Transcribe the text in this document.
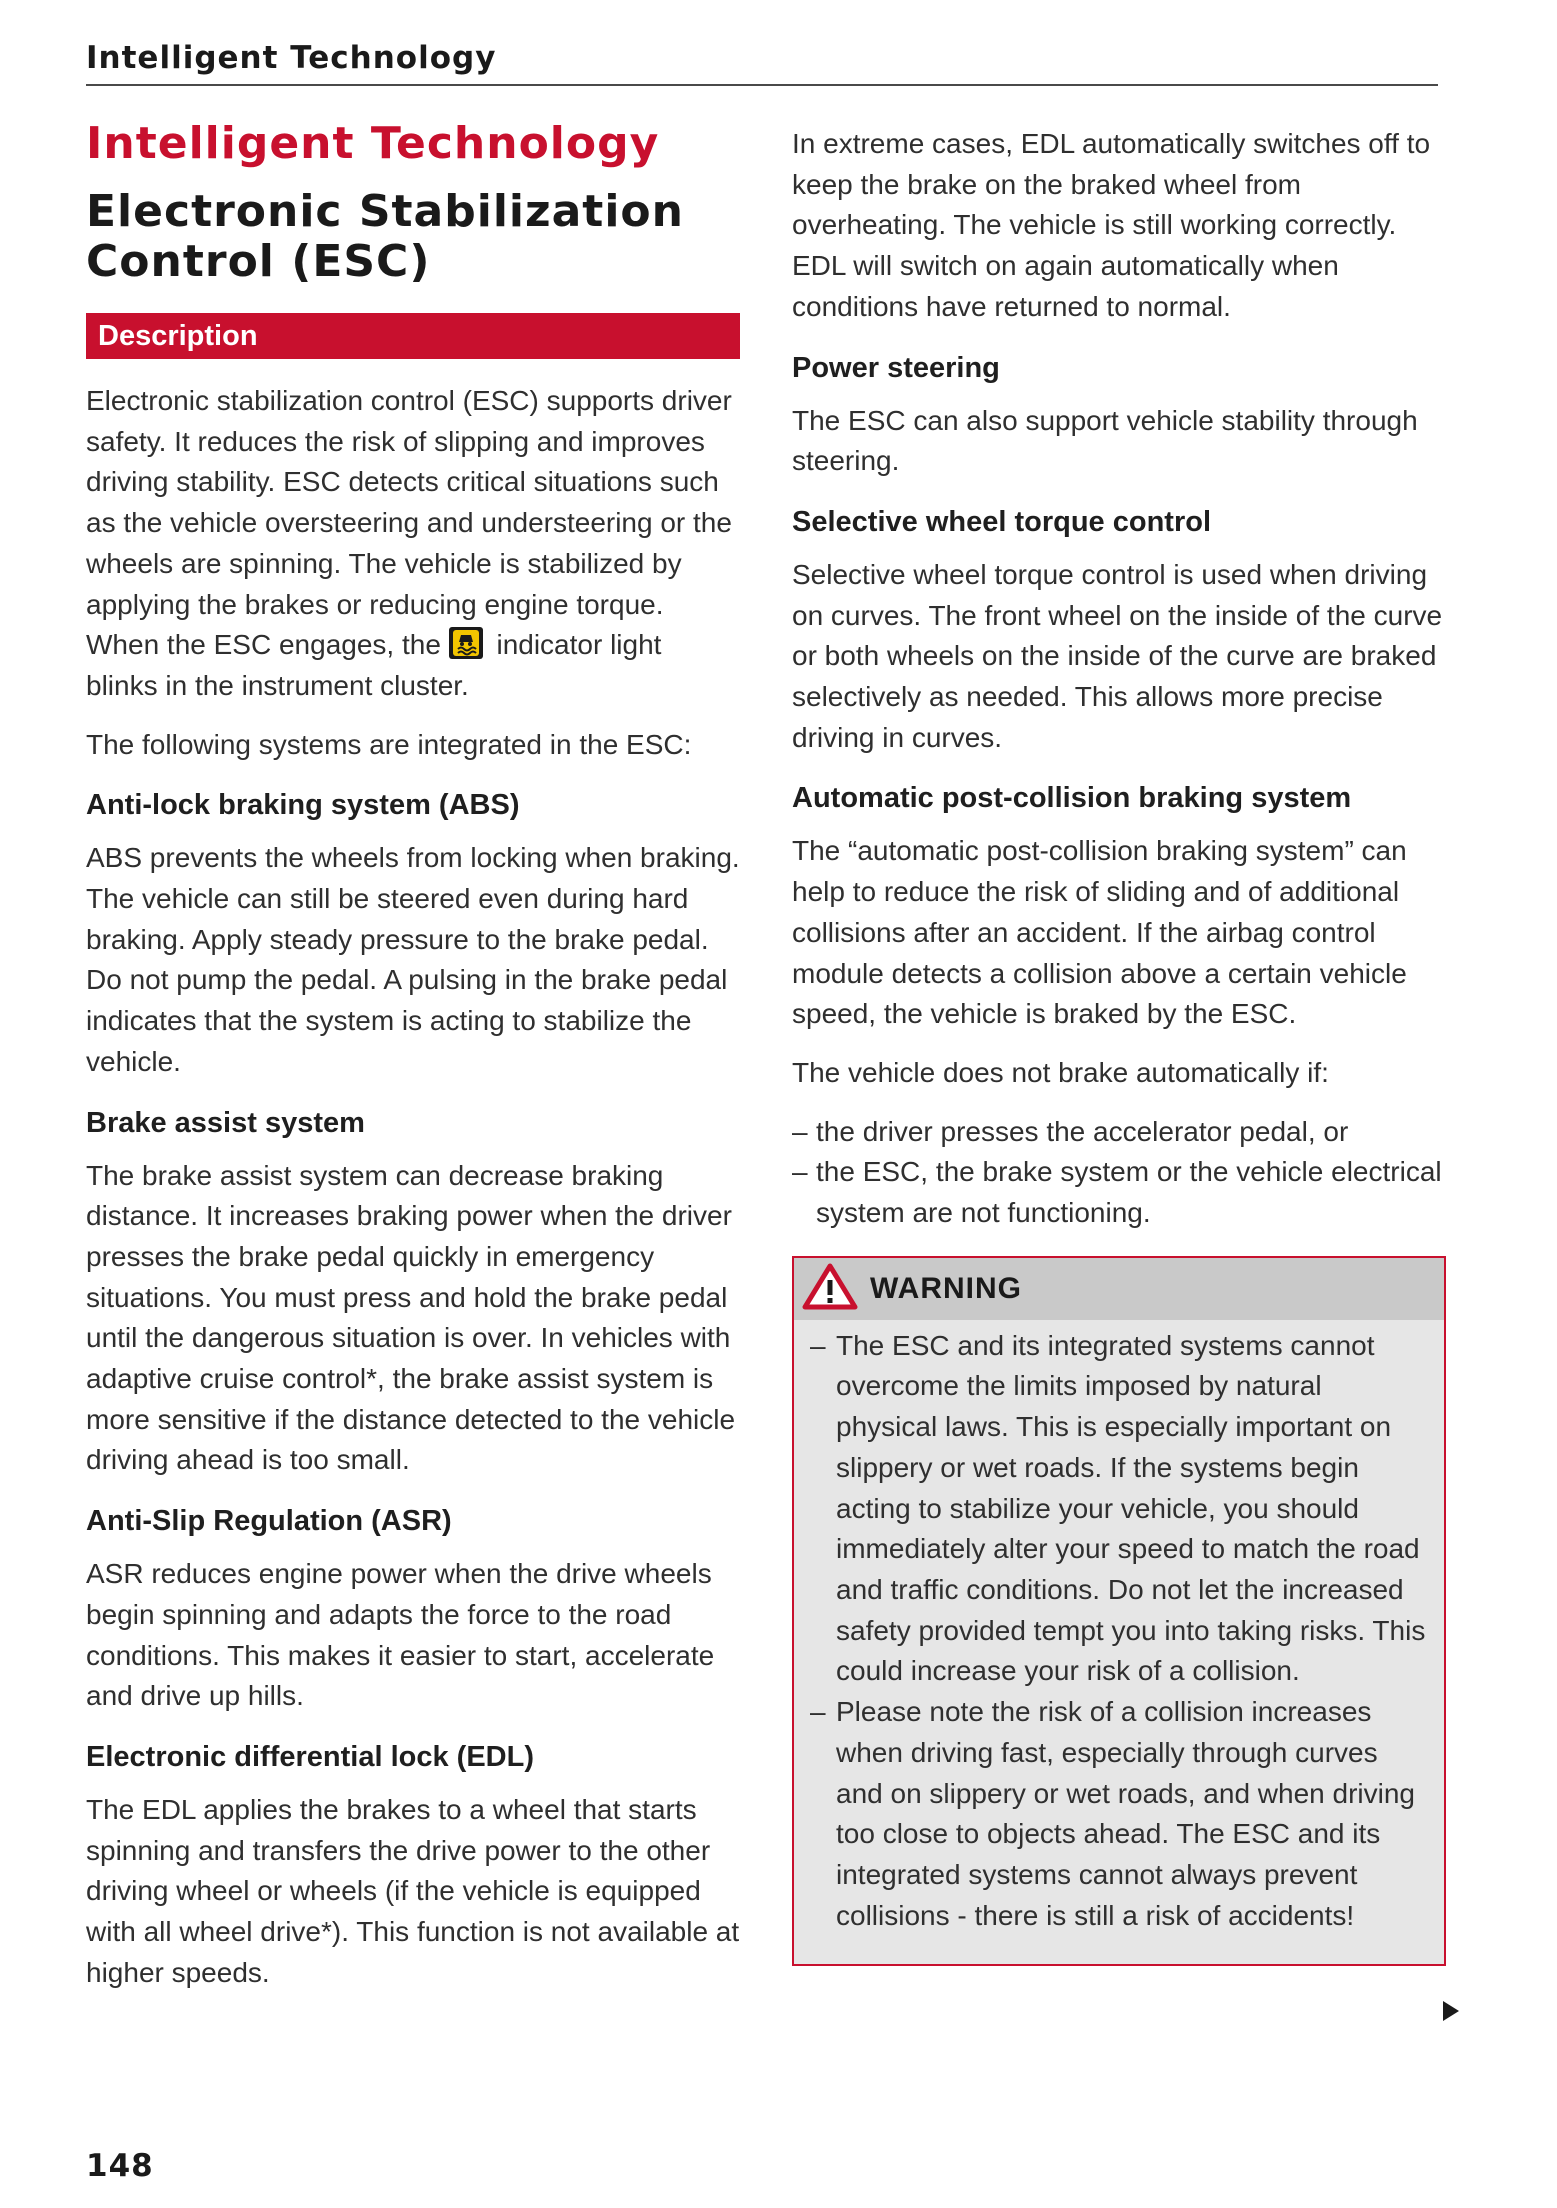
Intelligent Technology
Intelligent Technology
Electronic Stabilization Control (ESC)
Description

Electronic stabilization control (ESC) supports driver safety. It reduces the risk of slipping and improves driving stability. ESC detects critical situations such as the vehicle oversteering and understeering or the wheels are spinning. The vehicle is stabilized by applying the brakes or reducing engine torque. When the ESC engages, the
indicator light blinks in the instrument cluster.

The following systems are integrated in the ESC:

Anti-lock braking system (ABS)

ABS prevents the wheels from locking when braking. The vehicle can still be steered even during hard braking. Apply steady pressure to the brake pedal. Do not pump the pedal. A pulsing in the brake pedal indicates that the system is acting to stabilize the vehicle.

Brake assist system

The brake assist system can decrease braking distance. It increases braking power when the driver presses the brake pedal quickly in emergency situations. You must press and hold the brake pedal until the dangerous situation is over. In vehicles with adaptive cruise control*, the brake assist system is more sensitive if the distance detected to the vehicle driving ahead is too small.

Anti-Slip Regulation (ASR)

ASR reduces engine power when the drive wheels begin spinning and adapts the force to the road conditions. This makes it easier to start, accelerate and drive up hills.

Electronic differential lock (EDL)

The EDL applies the brakes to a wheel that starts spinning and transfers the drive power to the other driving wheel or wheels (if the vehicle is equipped with all wheel drive*). This function is not available at higher speeds.

In extreme cases, EDL automatically switches off to keep the brake on the braked wheel from overheating. The vehicle is still working correctly. EDL will switch on again automatically when conditions have returned to normal.

Power steering

The ESC can also support vehicle stability through steering.

Selective wheel torque control

Selective wheel torque control is used when driving on curves. The front wheel on the inside of the curve or both wheels on the inside of the curve are braked selectively as needed. This allows more precise driving in curves.

Automatic post-collision braking system

The “automatic post-collision braking system” can help to reduce the risk of sliding and of additional collisions after an accident. If the airbag control module detects a collision above a certain vehicle speed, the vehicle is braked by the ESC.

The vehicle does not brake automatically if:

– the driver presses the accelerator pedal, or
– the ESC, the brake system or the vehicle electrical system are not functioning.
WARNING
– The ESC and its integrated systems cannot overcome the limits imposed by natural physical laws. This is especially important on slippery or wet roads. If the systems begin acting to stabilize your vehicle, you should immediately alter your speed to match the road and traffic conditions. Do not let the increased safety provided tempt you into taking risks. This could increase your risk of a collision.
– Please note the risk of a collision increases when driving fast, especially through curves and on slippery or wet roads, and when driving too close to objects ahead. The ESC and its integrated systems cannot always prevent collisions - there is still a risk of accidents!
148
